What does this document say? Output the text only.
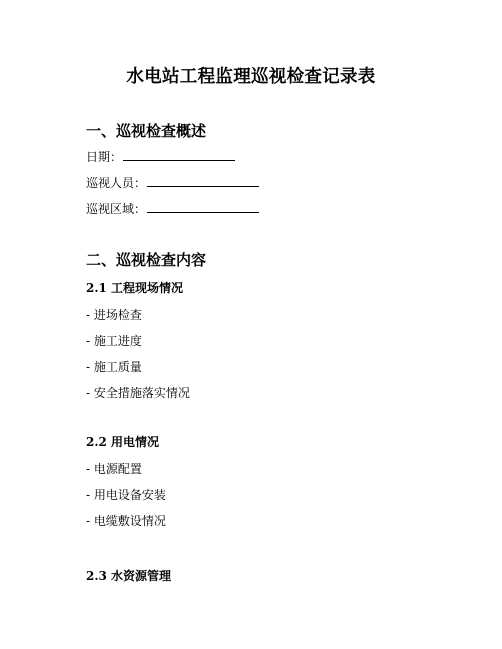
水电站工程监理巡视检查记录表
一、巡视检查概述
日期：
巡视人员：
巡视区域：
二、巡视检查内容
2.1 工程现场情况
- 进场检查
- 施工进度
- 施工质量
- 安全措施落实情况
2.2 用电情况
- 电源配置
- 用电设备安装
- 电缆敷设情况
2.3 水资源管理
